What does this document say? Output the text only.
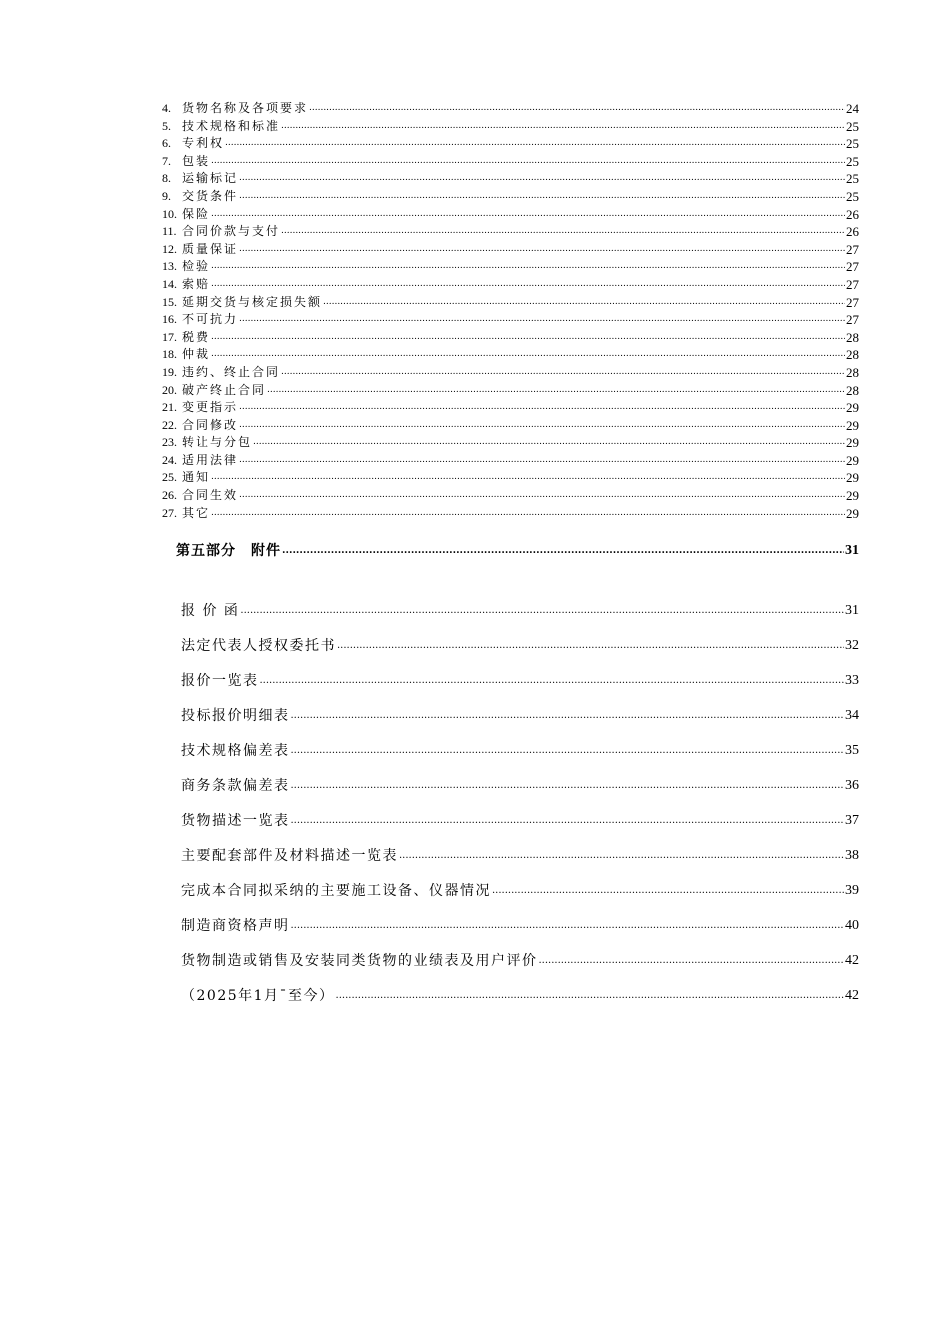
4. 货物名称及各项要求 .....	24
5. 技术规格和标准 .....	25
6. 专利权 .....	25
7. 包装 .....	25
8. 运输标记 .....	25
9. 交货条件 .....	25
10. 保险 .....	26
11. 合同价款与支付 .....	26
12. 质量保证 .....	27
13. 检验 .....	27
14. 索赔 .....	27
15. 延期交货与核定损失额 .....	27
16. 不可抗力 .....	27
17. 税费 .....	28
18. 仲裁 .....	28
19. 违约、终止合同 .....	28
20. 破产终止合同 .....	28
21. 变更指示 .....	29
22. 合同修改 .....	29
23. 转让与分包 .....	29
24. 适用法律 .....	29
25. 通知 .....	29
26. 合同生效 .....	29
27. 其它 .....	29
第五部分　附件 .....	31
报 价 函 .....	31
法定代表人授权委托书 .....	32
报价一览表 .....	33
投标报价明细表 .....	34
技术规格偏差表 .....	35
商务条款偏差表 .....	36
货物描述一览表 .....	37
主要配套部件及材料描述一览表 .....	38
完成本合同拟采纳的主要施工设备、仪器情况 .....	39
制造商资格声明 .....	40
货物制造或销售及安装同类货物的业绩表及用户评价 .....	42
（2025年1月¯至今） .....	42
